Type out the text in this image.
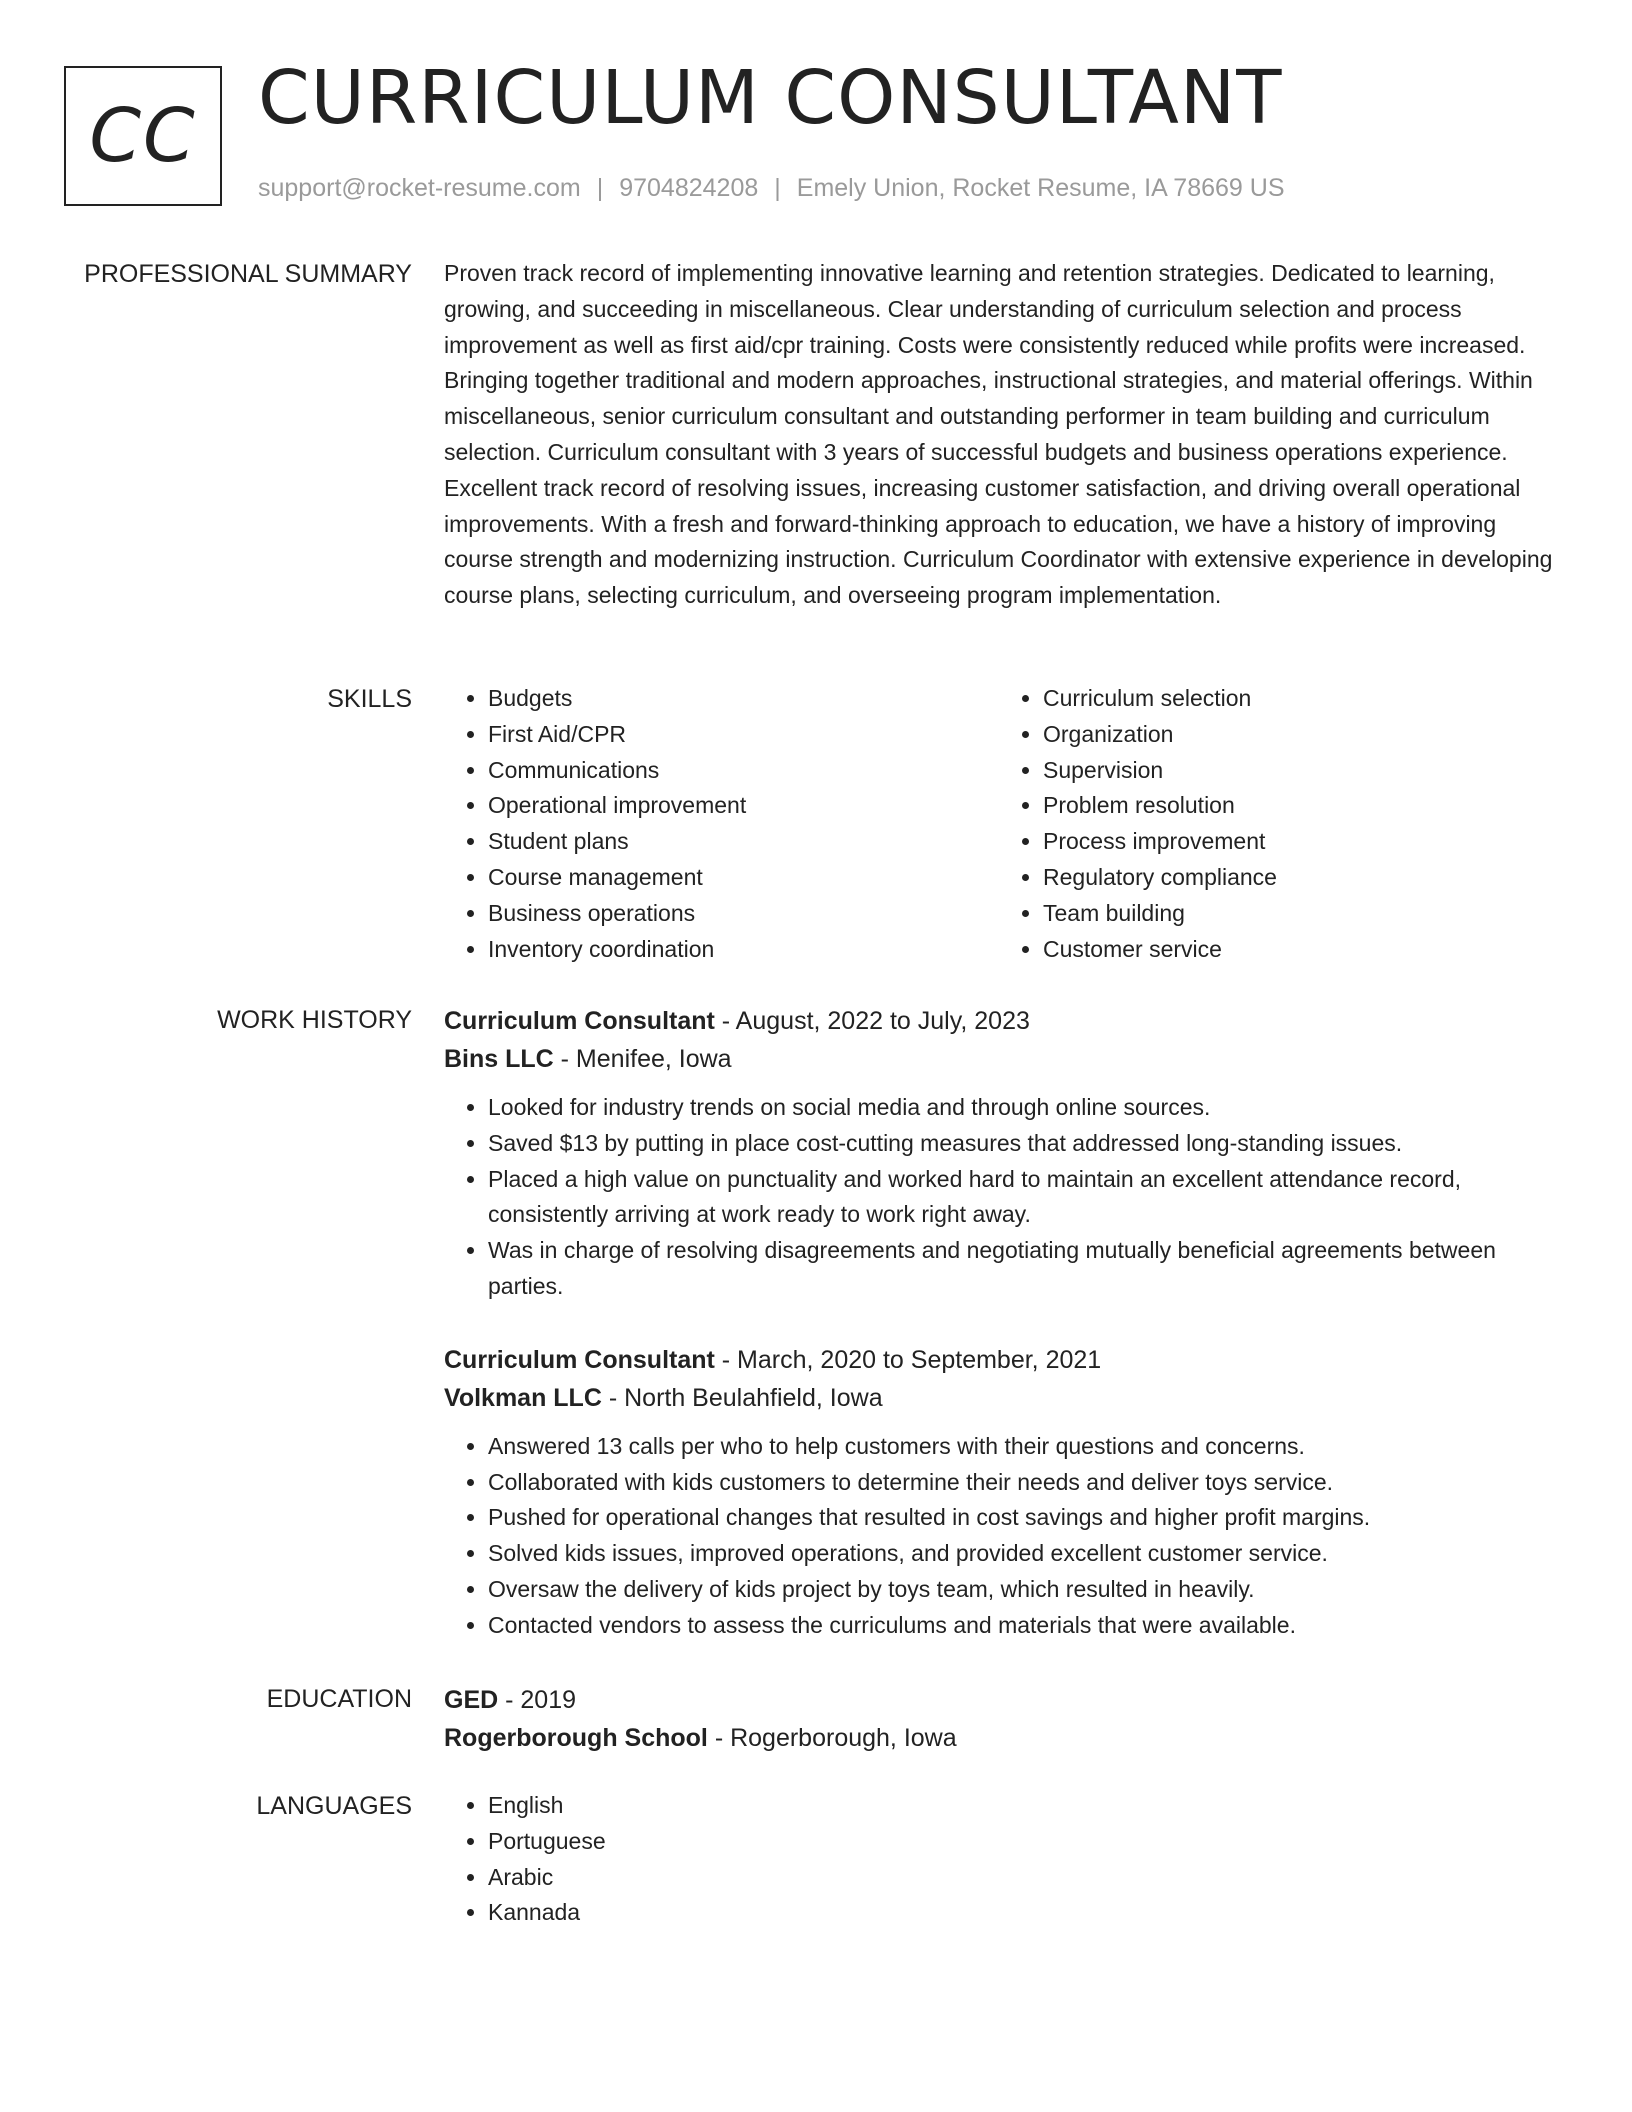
CC CURRICULUM CONSULTANT
support@rocket-resume.com | 9704824208 | Emely Union, Rocket Resume, IA 78669 US
PROFESSIONAL SUMMARY Proven track record of implementing innovative learning and retention strategies. Dedicated to learning, growing, and succeeding in miscellaneous. Clear understanding of curriculum selection and process improvement as well as first aid/cpr training. Costs were consistently reduced while profits were increased. Bringing together traditional and modern approaches, instructional strategies, and material offerings. Within miscellaneous, senior curriculum consultant and outstanding performer in team building and curriculum selection. Curriculum consultant with 3 years of successful budgets and business operations experience. Excellent track record of resolving issues, increasing customer satisfaction, and driving overall operational improvements. With a fresh and forward-thinking approach to education, we have a history of improving course strength and modernizing instruction. Curriculum Coordinator with extensive experience in developing course plans, selecting curriculum, and overseeing program implementation.

SKILLS	• Budgets
• First Aid/CPR
• Communications
• Operational improvement
• Student plans
• Course management
• Business operations
• Inventory coordination
• Curriculum selection
• Organization
• Supervision
• Problem resolution
• Process improvement
• Regulatory compliance
• Team building
• Customer service
WORK HISTORY Curriculum Consultant - August, 2022 to July, 2023
Bins LLC - Menifee, Iowa
• Looked for industry trends on social media and through online sources.
• Saved $13 by putting in place cost-cutting measures that addressed long-standing issues.
• Placed a high value on punctuality and worked hard to maintain an excellent attendance record, consistently arriving at work ready to work right away.
• Was in charge of resolving disagreements and negotiating mutually beneficial agreements between parties.
Curriculum Consultant - March, 2020 to September, 2021
Volkman LLC - North Beulahfield, Iowa
• Answered 13 calls per who to help customers with their questions and concerns.
• Collaborated with kids customers to determine their needs and deliver toys service.
• Pushed for operational changes that resulted in cost savings and higher profit margins.
• Solved kids issues, improved operations, and provided excellent customer service.
• Oversaw the delivery of kids project by toys team, which resulted in heavily.
• Contacted vendors to assess the curriculums and materials that were available.
EDUCATION GED - 2019
Rogerborough School - Rogerborough, Iowa
LANGUAGES	• English
• Portuguese
• Arabic
• Kannada
